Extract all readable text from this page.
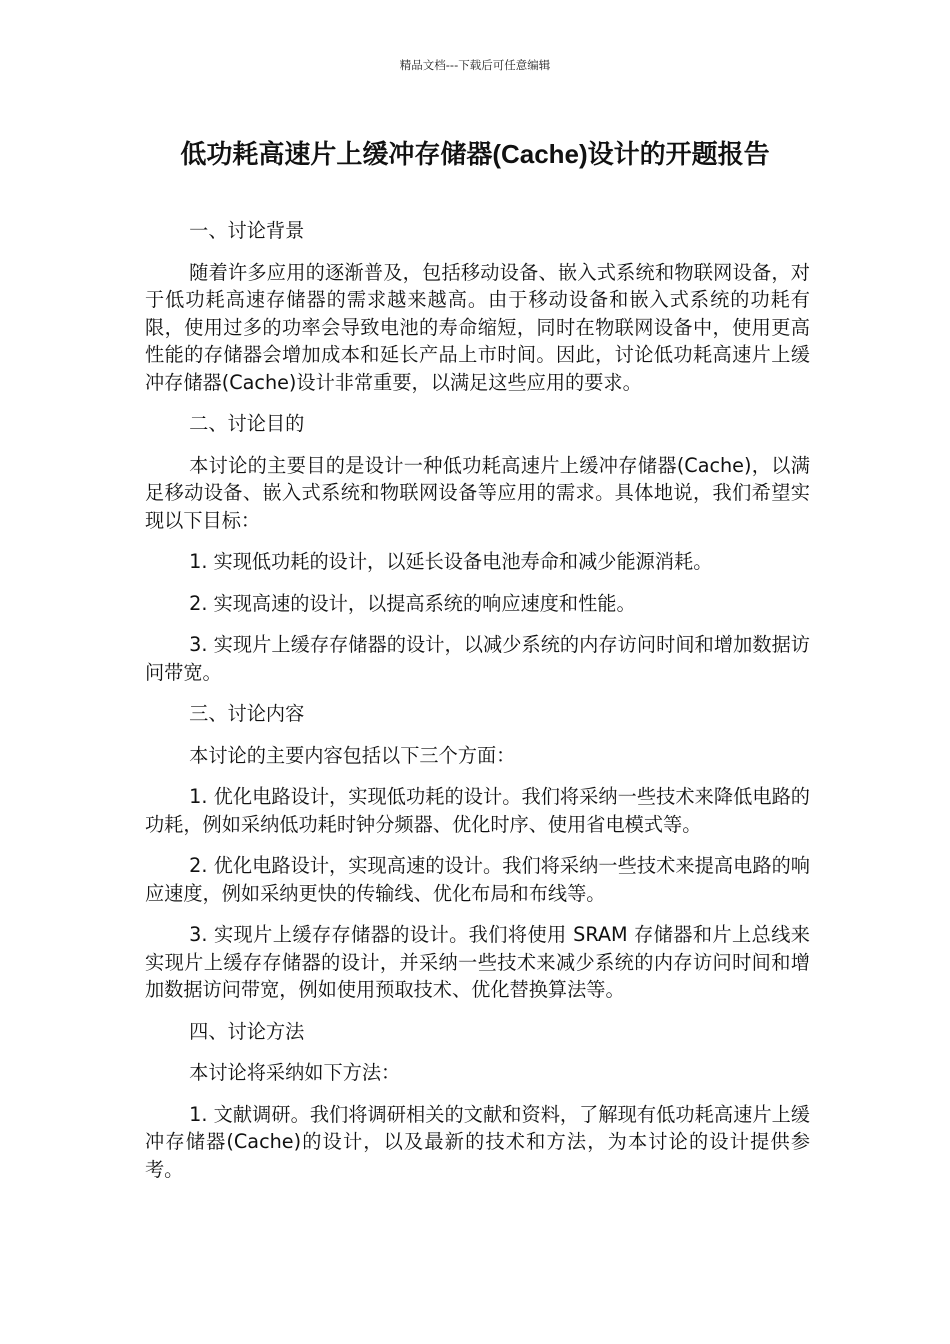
精品文档---下载后可任意编辑
低功耗高速片上缓冲存储器(Cache)设计的开题报告

一、讨论背景

随着许多应用的逐渐普及，包括移动设备、嵌入式系统和物联网设备，对于低功耗高速存储器的需求越来越高。由于移动设备和嵌入式系统的功耗有限，使用过多的功率会导致电池的寿命缩短，同时在物联网设备中，使用更高性能的存储器会增加成本和延长产品上市时间。因此，讨论低功耗高速片上缓冲存储器(Cache)设计非常重要，以满足这些应用的要求。

二、讨论目的

本讨论的主要目的是设计一种低功耗高速片上缓冲存储器(Cache)，以满足移动设备、嵌入式系统和物联网设备等应用的需求。具体地说，我们希望实现以下目标：

1. 实现低功耗的设计，以延长设备电池寿命和减少能源消耗。

2. 实现高速的设计，以提高系统的响应速度和性能。

3. 实现片上缓存存储器的设计，以减少系统的内存访问时间和增加数据访问带宽。

三、讨论内容

本讨论的主要内容包括以下三个方面：

1. 优化电路设计，实现低功耗的设计。我们将采纳一些技术来降低电路的功耗，例如采纳低功耗时钟分频器、优化时序、使用省电模式等。

2. 优化电路设计，实现高速的设计。我们将采纳一些技术来提高电路的响应速度，例如采纳更快的传输线、优化布局和布线等。

3. 实现片上缓存存储器的设计。我们将使用 SRAM 存储器和片上总线来实现片上缓存存储器的设计，并采纳一些技术来减少系统的内存访问时间和增加数据访问带宽，例如使用预取技术、优化替换算法等。

四、讨论方法

本讨论将采纳如下方法：

1. 文献调研。我们将调研相关的文献和资料，了解现有低功耗高速片上缓冲存储器(Cache)的设计，以及最新的技术和方法，为本讨论的设计提供参考。
